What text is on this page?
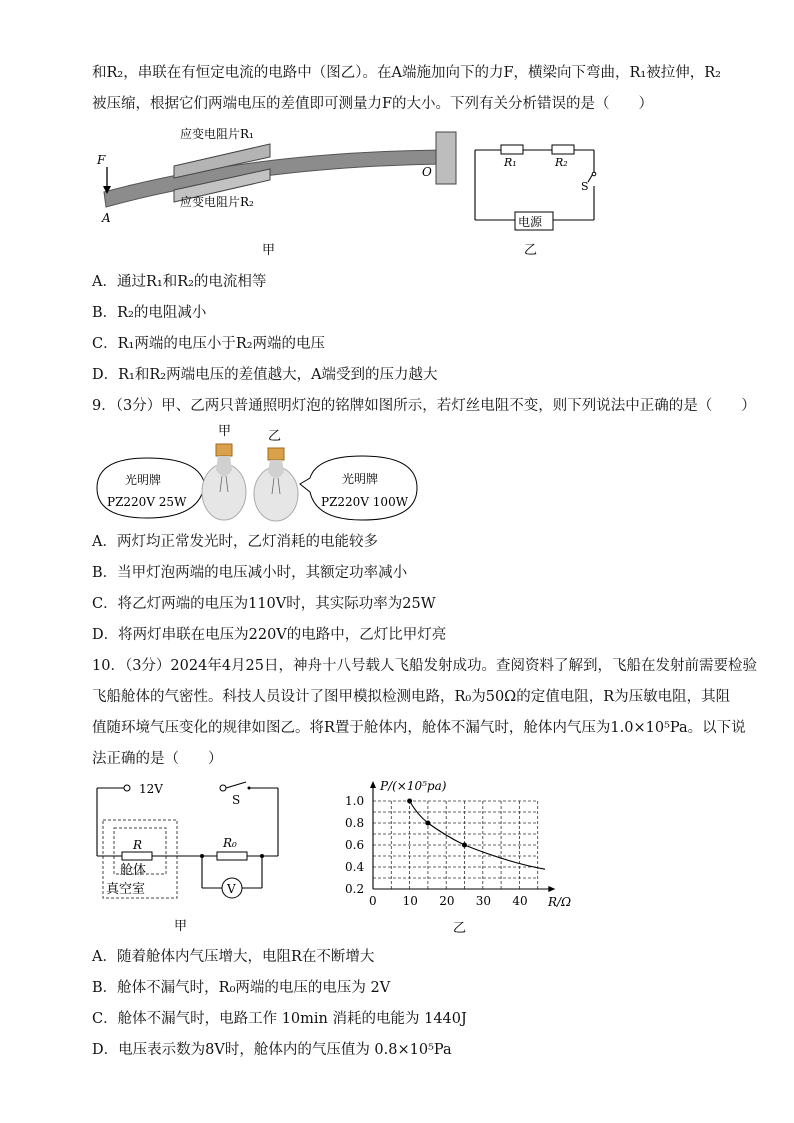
和R₂，串联在有恒定电流的电路中（图乙）。在A端施加向下的力F，横梁向下弯曲，R₁被拉伸，R₂
被压缩，根据它们两端电压的差值即可测量力F的大小。下列有关分析错误的是（　　）
F
A
O
应变电阻片R₁
应变电阻片R₂
电源
R₁	R₂
S
甲	乙
A．通过R₁和R₂的电流相等
B．R₂的电阻减小
C．R₁两端的电压小于R₂两端的电压
D．R₁和R₂两端电压的差值越大，A端受到的压力越大
9．（3分）甲、乙两只普通照明灯泡的铭牌如图所示，若灯丝电阻不变，则下列说法中正确的是（　　）
甲	乙
光明牌
PZ220V 25W
光明牌
PZ220V 100W
A．两灯均正常发光时，乙灯消耗的电能较多
B．当甲灯泡两端的电压减小时，其额定功率减小
C．将乙灯两端的电压为110V时，其实际功率为25W
D．将两灯串联在电压为220V的电路中，乙灯比甲灯亮
10．（3分）2024年4月25日，神舟十八号载人飞船发射成功。查阅资料了解到，飞船在发射前需要检验
飞船舱体的气密性。科技人员设计了图甲模拟检测电路，R₀为50Ω的定值电阻，R为压敏电阻，其阻
值随环境气压变化的规律如图乙。将R置于舱体内，舱体不漏气时，舱体内气压为1.0×10⁵Pa。以下说
法正确的是（　　）
12V
S
R	R₀
舱体
真空室	V
甲
0.2
0.4
0.6
0.8
1.0
0 10 20 30 40
P/(×10⁵pa)
R/Ω
乙
A．随着舱体内气压增大，电阻R在不断增大
B．舱体不漏气时，R₀两端的电压的电压为 2V
C．舱体不漏气时，电路工作 10min 消耗的电能为 1440J
D．电压表示数为8V时，舱体内的气压值为 0.8×10⁵Pa
